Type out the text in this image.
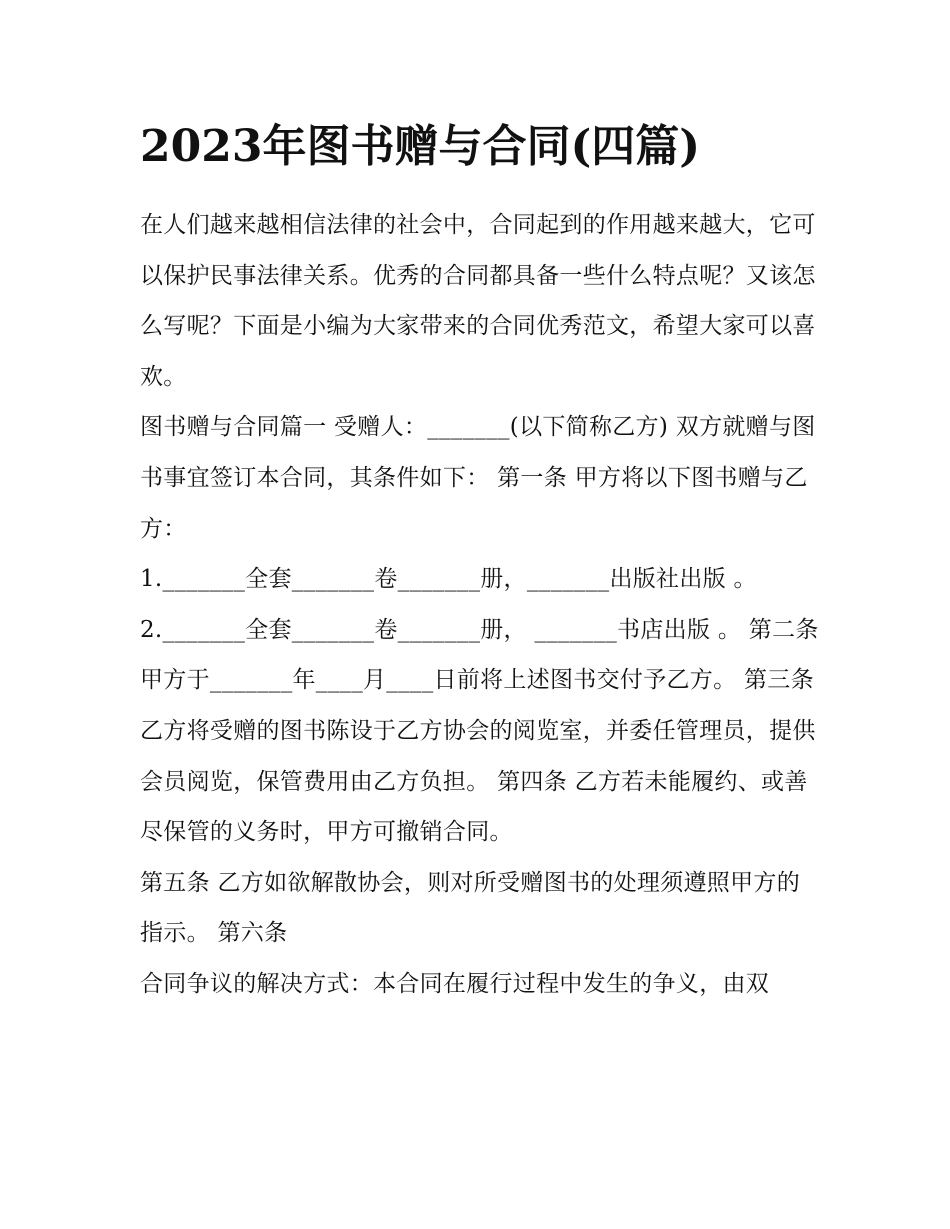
2023年图书赠与合同(四篇)

在人们越来越相信法律的社会中，合同起到的作用越来越大，它可以保护民事法律关系。优秀的合同都具备一些什么特点呢？又该怎么写呢？下面是小编为大家带来的合同优秀范文，希望大家可以喜欢。

图书赠与合同篇一 受赠人：_______(以下简称乙方) 双方就赠与图书事宜签订本合同，其条件如下： 第一条 甲方将以下图书赠与乙方：

1._______全套_______卷_______册，_______出版社出版 。

2._______全套_______卷_______册， _______书店出版 。 第二条

甲方于_______年____月____日前将上述图书交付予乙方。 第三条

乙方将受赠的图书陈设于乙方协会的阅览室，并委任管理员，提供会员阅览，保管费用由乙方负担。 第四条 乙方若未能履约、或善尽保管的义务时，甲方可撤销合同。

第五条 乙方如欲解散协会，则对所受赠图书的处理须遵照甲方的指示。 第六条

合同争议的解决方式：本合同在履行过程中发生的争义，由双
